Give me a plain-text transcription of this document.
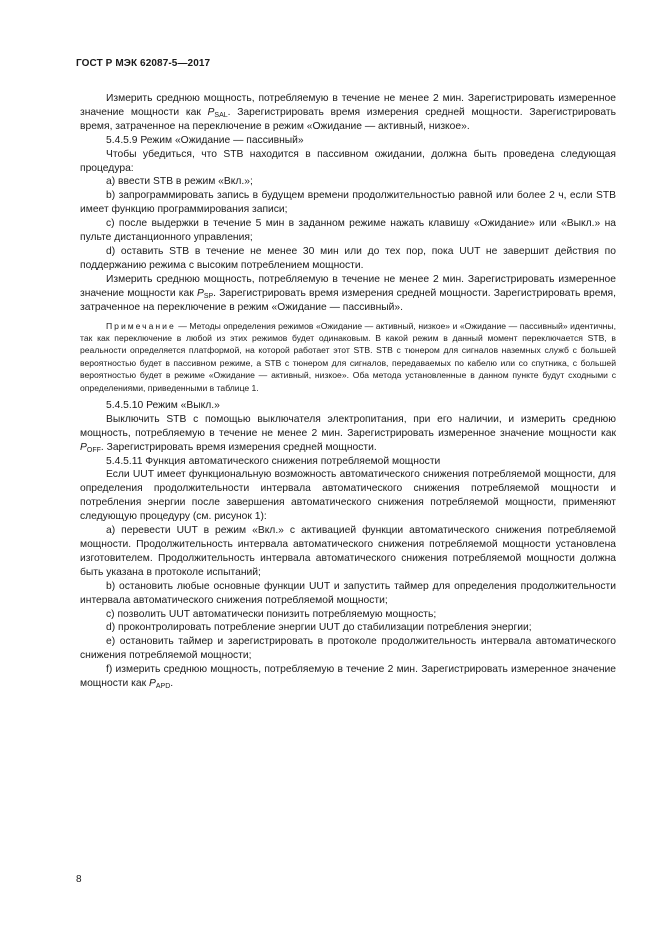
ГОСТ Р МЭК 62087-5—2017

Измерить среднюю мощность, потребляемую в течение не менее 2 мин. Зарегистрировать измеренное значение мощности как $P_{SAL}$. Зарегистрировать время измерения средней мощности. Зарегистрировать время, затраченное на переключение в режим «Ожидание — активный, низкое».

5.4.5.9 Режим «Ожидание — пассивный»

Чтобы убедиться, что STB находится в пассивном ожидании, должна быть проведена следующая процедура:

a) ввести STB в режим «Вкл.»;

b) запрограммировать запись в будущем времени продолжительностью равной или более 2 ч, если STB имеет функцию программирования записи;

c) после выдержки в течение 5 мин в заданном режиме нажать клавишу «Ожидание» или «Выкл.» на пульте дистанционного управления;

d) оставить STB в течение не менее 30 мин или до тех пор, пока UUT не завершит действия по поддержанию режима с высоким потреблением мощности.

Измерить среднюю мощность, потребляемую в течение не менее 2 мин. Зарегистрировать измеренное значение мощности как $P_{SP}$. Зарегистрировать время измерения средней мощности. Зарегистрировать время, затраченное на переключение в режим «Ожидание — пассивный».

Примечание — Методы определения режимов «Ожидание — активный, низкое» и «Ожидание — пассивный» идентичны, так как переключение в любой из этих режимов будет одинаковым. В какой режим в данный момент переключается STB, в реальности определяется платформой, на которой работает этот STB. STB с тюнером для сигналов наземных служб с большей вероятностью будет в пассивном режиме, а STB с тюнером для сигналов, передаваемых по кабелю или со спутника, с большей вероятностью будет в режиме «Ожидание — активный, низкое». Оба метода установленные в данном пункте будут сходными с определениями, приведенными в таблице 1.

5.4.5.10 Режим «Выкл.»

Выключить STB с помощью выключателя электропитания, при его наличии, и измерить среднюю мощность, потребляемую в течение не менее 2 мин. Зарегистрировать измеренное значение мощности как $P_{OFF}$. Зарегистрировать время измерения средней мощности.

5.4.5.11 Функция автоматического снижения потребляемой мощности

Если UUT имеет функциональную возможность автоматического снижения потребляемой мощности, для определения продолжительности интервала автоматического снижения потребляемой мощности и потребления энергии после завершения автоматического снижения потребляемой мощности, применяют следующую процедуру (см. рисунок 1):

a) перевести UUT в режим «Вкл.» с активацией функции автоматического снижения потребляемой мощности. Продолжительность интервала автоматического снижения потребляемой мощности установлена изготовителем. Продолжительность интервала автоматического снижения потребляемой мощности должна быть указана в протоколе испытаний;

b) остановить любые основные функции UUT и запустить таймер для определения продолжительности интервала автоматического снижения потребляемой мощности;

c) позволить UUT автоматически понизить потребляемую мощность;

d) проконтролировать потребление энергии UUT до стабилизации потребления энергии;

e) остановить таймер и зарегистрировать в протоколе продолжительность интервала автоматического снижения потребляемой мощности;

f) измерить среднюю мощность, потребляемую в течение 2 мин. Зарегистрировать измеренное значение мощности как $P_{APD}$.

8
